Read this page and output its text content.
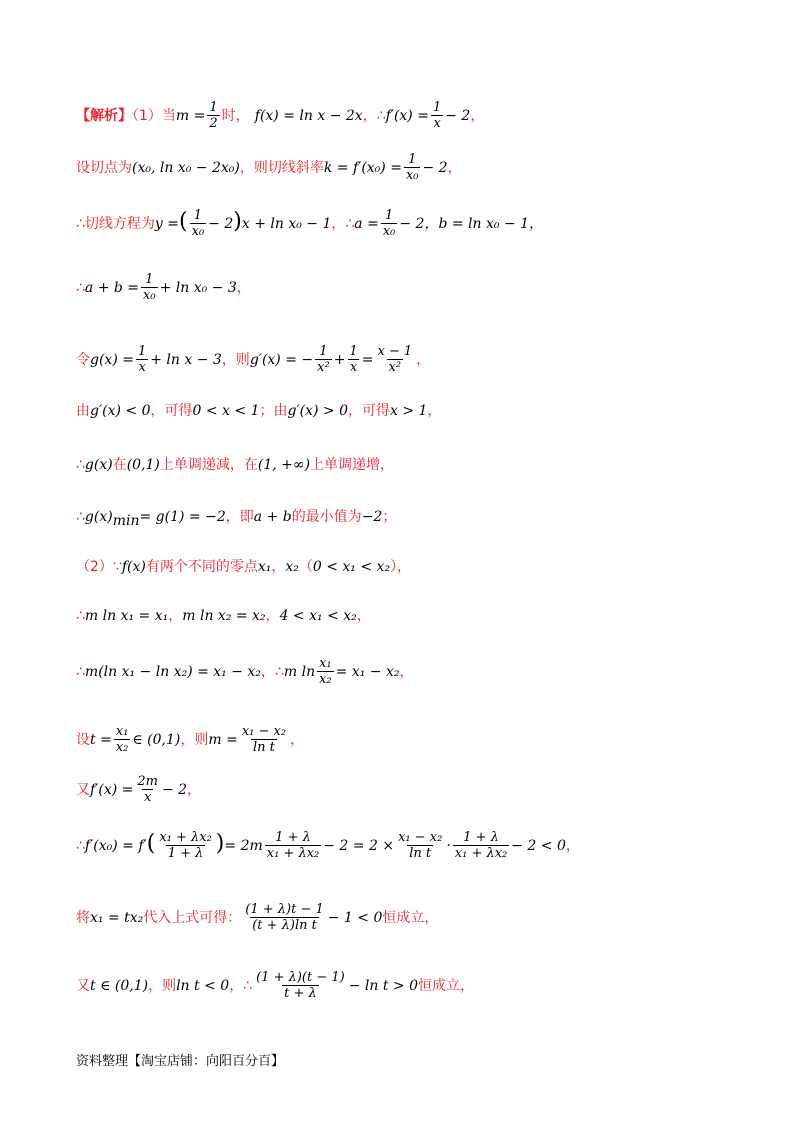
【解析】（1）当$m = \frac{1}{2}$ 时， f(x) = ln x − 2x，∴f′(x) = $\frac{1}{x} - 2$，
设切点为(x₀, ln x₀ − 2x₀)，则切线斜率$k = f'(x_0) = \frac{1}{\text{x₀}} - 2$，
∴切线方程为y =( $\frac{1}{\text{x₀}} - 2)x + \ln x_0 - 1$，∴a = $\frac{1}{\text{x₀}} - 2$，b = ln x₀ − 1，
∴a + $b = \frac{1}{\text{x₀}} + \ln x_0 - 3$，
令$g(x) = \frac{1}{x} + \ln x - 3$，则g′(x) = − $\frac{1}{\text{x²}} + \frac{1}{x} = \frac{x - 1}{\text{x²}}$ ，
由g′(x) < 0，可得0 < x < 1；由g′(x) > 0，可得x > 1，
∴g(x)在(0,1)上单调递减，在(1, +∞)上单调递增，
$\therefore g(x)_{min}= g(1) = -2$，即a + b的最小值为−2；
（2）∵f(x)有两个不同的零点x₁，x₂（0 < x₁ < x₂），
∴m ln x₁ = x₁，m ln x₂ = x₂，4 < x₁ < x₂，
∴m(ln x₁ − ln x₂) = x₁ − x₂，∴m $\ln \frac{\text{x₁}}{\text{x₂}} = x_1 - x_2$，
设$t = \frac{\text{x₁}}{\text{x₂}}$ ∈ (0,1)，则$m = \frac{\text{x₁ − x₂}}{\text{ln t}}$ ，
又$f'(x) = \frac{2m}{x} - 2$，
∴f′(x₀) = $f'( \frac{\text{x₁ + λx₂}}{1 + \lambda}$ )= $2m \frac{1 + \lambda}{\text{x₁ + λx₂}} - 2 = 2 \times \frac{\text{x₁ − x₂}}{\text{ln t}} \cdot \frac{1 + \lambda}{\text{x₁ + λx₂}} - 2 < 0$，
将x₁ = tx₂代入上式可得： $\frac{(1 + \lambda)t - 1}{\text{(t + λ)ln t}} - 1 < 0$恒成立，
又t ∈ (0,1)，则ln t < 0，∴ $\frac{(1 + \lambda)(t - 1)}{t + \lambda} - \ln t > 0$恒成立，
资料整理【淘宝店铺：向阳百分百】
